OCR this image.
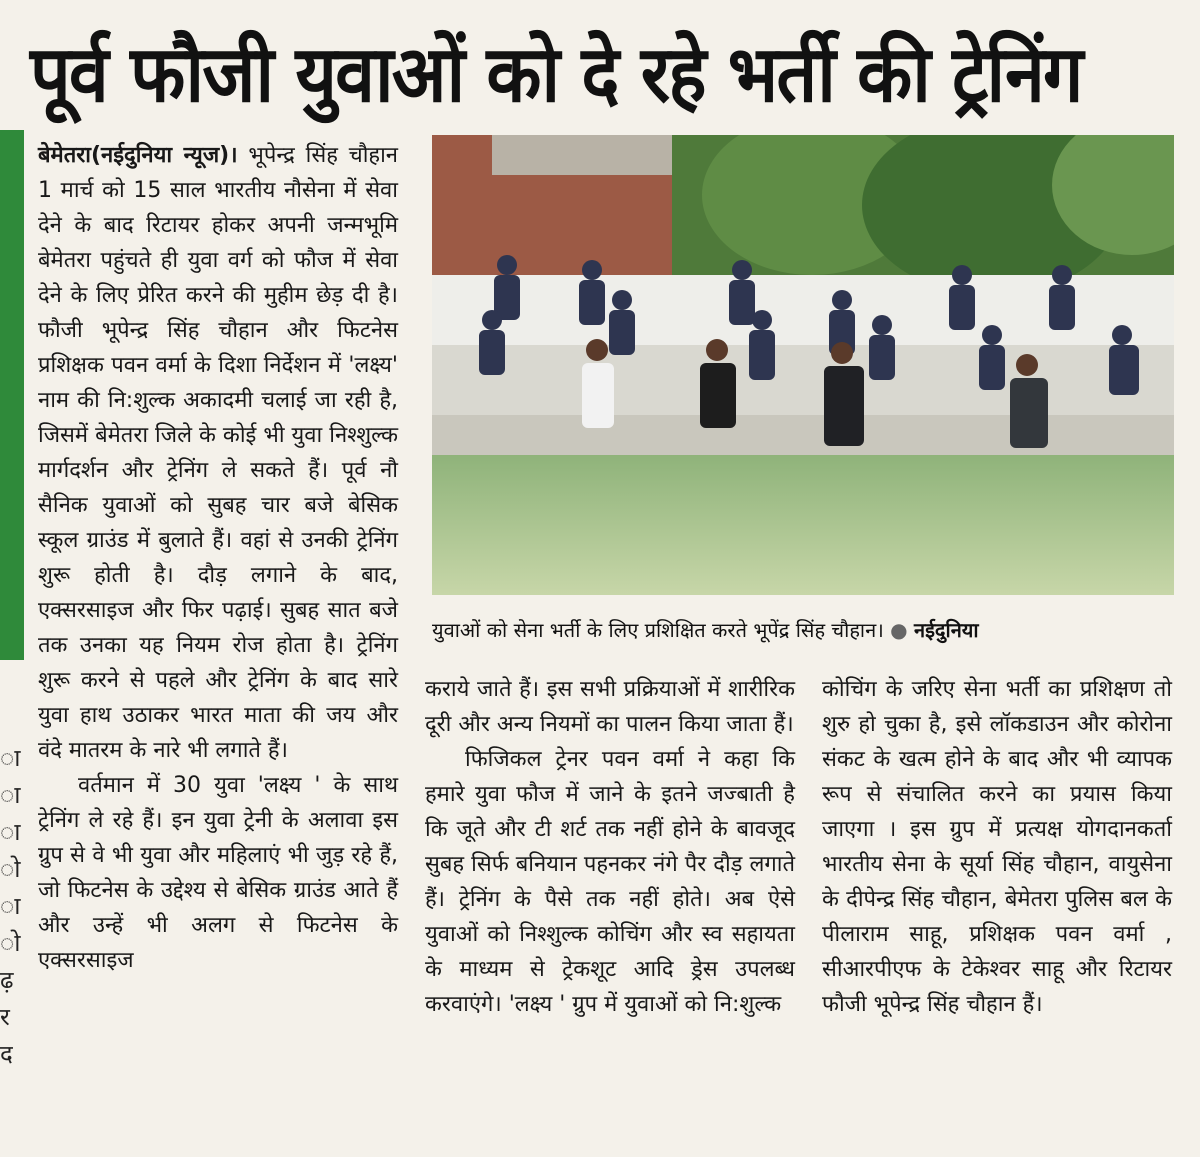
ा
ा
ा
ो
ा
ो
ढ़
र
द
पूर्व फौजी युवाओं को दे रहे भर्ती की ट्रेनिंग

बेमेतरा(नईदुनिया न्यूज)। भूपेन्द्र सिंह चौहान 1 मार्च को 15 साल भारतीय नौसेना में सेवा देने के बाद रिटायर होकर अपनी जन्मभूमि बेमेतरा पहुंचते ही युवा वर्ग को फौज में सेवा देने के लिए प्रेरित करने की मुहीम छेड़ दी है। फौजी भूपेन्द्र सिंह चौहान और फिटनेस प्रशिक्षक पवन वर्मा के दिशा निर्देशन में 'लक्ष्य' नाम की नि:शुल्क अकादमी चलाई जा रही है, जिसमें बेमेतरा जिले के कोई भी युवा निश्शुल्क मार्गदर्शन और ट्रेनिंग ले सकते हैं। पूर्व नौ सैनिक युवाओं को सुबह चार बजे बेसिक स्कूल ग्राउंड में बुलाते हैं। वहां से उनकी ट्रेनिंग शुरू होती है। दौड़ लगाने के बाद, एक्सरसाइज और फिर पढ़ाई। सुबह सात बजे तक उनका यह नियम रोज होता है। ट्रेनिंग शुरू करने से पहले और ट्रेनिंग के बाद सारे युवा हाथ उठाकर भारत माता की जय और वंदे मातरम के नारे भी लगाते हैं।

वर्तमान में 30 युवा 'लक्ष्य ' के साथ ट्रेनिंग ले रहे हैं। इन युवा ट्रेनी के अलावा इस ग्रुप से वे भी युवा और महिलाएं भी जुड़ रहे हैं, जो फिटनेस के उद्देश्य से बेसिक ग्राउंड आते हैं और उन्हें भी अलग से फिटनेस के एक्सरसाइज

युवाओं को सेना भर्ती के लिए प्रशिक्षित करते भूपेंद्र सिंह चौहान। ● नईदुनिया

कराये जाते हैं। इस सभी प्रक्रियाओं में शारीरिक दूरी और अन्य नियमों का पालन किया जाता हैं।

फिजिकल ट्रेनर पवन वर्मा ने कहा कि हमारे युवा फौज में जाने के इतने जज्बाती है कि जूते और टी शर्ट तक नहीं होने के बावजूद सुबह सिर्फ बनियान पहनकर नंगे पैर दौड़ लगाते हैं। ट्रेनिंग के पैसे तक नहीं होते। अब ऐसे युवाओं को निश्शुल्क कोचिंग और स्व सहायता के माध्यम से ट्रेकशूट आदि ड्रेस उपलब्ध करवाएंगे। 'लक्ष्य ' ग्रुप में युवाओं को नि:शुल्क

कोचिंग के जरिए सेना भर्ती का प्रशिक्षण तो शुरु हो चुका है, इसे लॉकडाउन और कोरोना संकट के खत्म होने के बाद और भी व्यापक रूप से संचालित करने का प्रयास किया जाएगा । इस ग्रुप में प्रत्यक्ष योगदानकर्ता भारतीय सेना के सूर्या सिंह चौहान, वायुसेना के दीपेन्द्र सिंह चौहान, बेमेतरा पुलिस बल के पीलाराम साहू, प्रशिक्षक पवन वर्मा , सीआरपीएफ के टेकेश्वर साहू और रिटायर फौजी भूपेन्द्र सिंह चौहान हैं।
